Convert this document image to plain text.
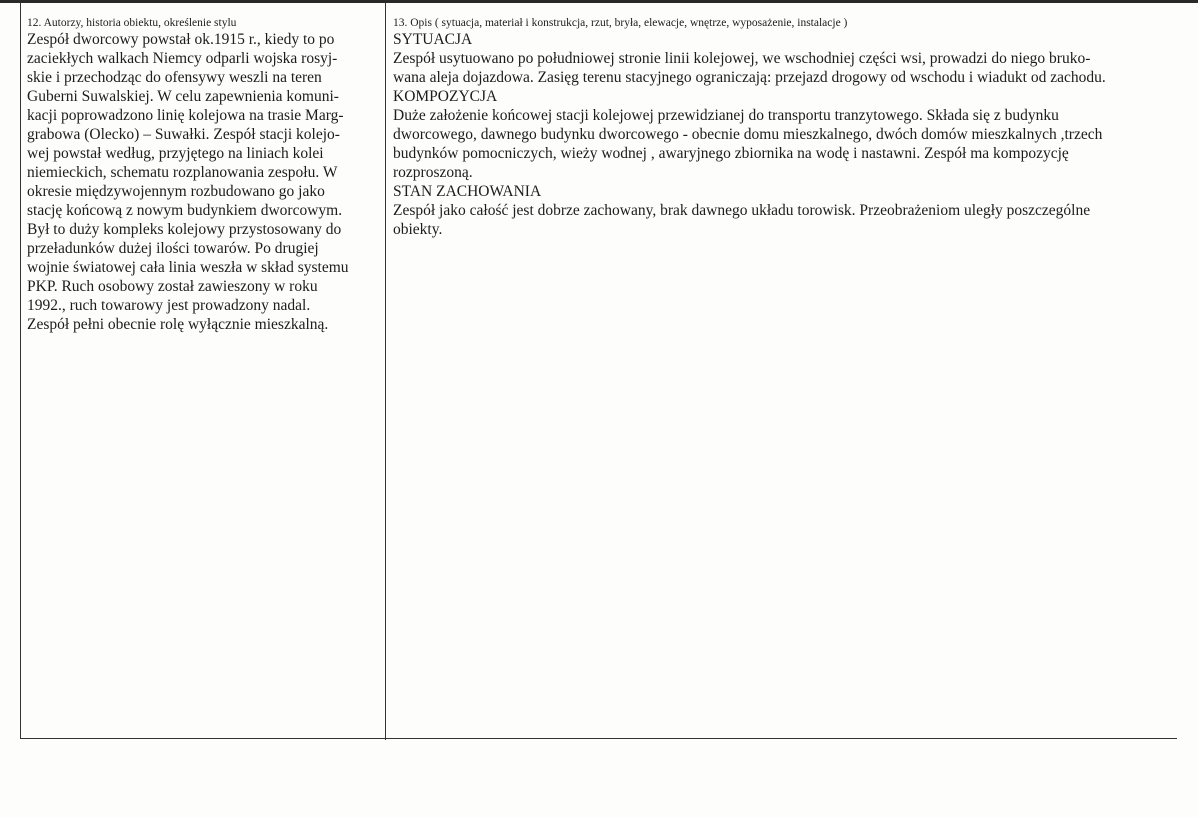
12. Autorzy, historia obiektu, określenie stylu
Zespół dworcowy powstał ok.1915 r., kiedy to po
zaciekłych walkach Niemcy odparli wojska rosyj-
skie i przechodząc do ofensywy weszli na teren
Guberni Suwalskiej. W celu zapewnienia komuni-
kacji poprowadzono linię kolejowa na trasie Marg-
grabowa (Olecko) – Suwałki. Zespół stacji kolejo-
wej powstał według, przyjętego na liniach kolei
niemieckich, schematu rozplanowania zespołu. W
okresie międzywojennym rozbudowano go jako
stację końcową z nowym budynkiem dworcowym.
Był to duży kompleks kolejowy przystosowany do
przeładunków dużej ilości towarów. Po drugiej
wojnie światowej cała linia weszła w skład systemu
PKP. Ruch osobowy został zawieszony w roku
1992., ruch towarowy jest prowadzony nadal.
Zespół pełni obecnie rolę wyłącznie mieszkalną.
13. Opis ( sytuacja, materiał i konstrukcja, rzut, bryła, elewacje, wnętrze, wyposażenie, instalacje )
SYTUACJA
Zespół usytuowano po południowej stronie linii kolejowej, we wschodniej części wsi, prowadzi do niego bruko-
wana aleja dojazdowa. Zasięg terenu stacyjnego ograniczają: przejazd drogowy od wschodu i wiadukt od zachodu.
KOMPOZYCJA
Duże założenie końcowej stacji kolejowej przewidzianej do transportu tranzytowego. Składa się z budynku
dworcowego, dawnego budynku dworcowego - obecnie domu mieszkalnego, dwóch domów mieszkalnych ,trzech
budynków pomocniczych, wieży wodnej , awaryjnego zbiornika na wodę i nastawni. Zespół ma kompozycję
rozproszoną.
STAN ZACHOWANIA
Zespół jako całość jest dobrze zachowany, brak dawnego układu torowisk. Przeobrażeniom uległy poszczególne
obiekty.
